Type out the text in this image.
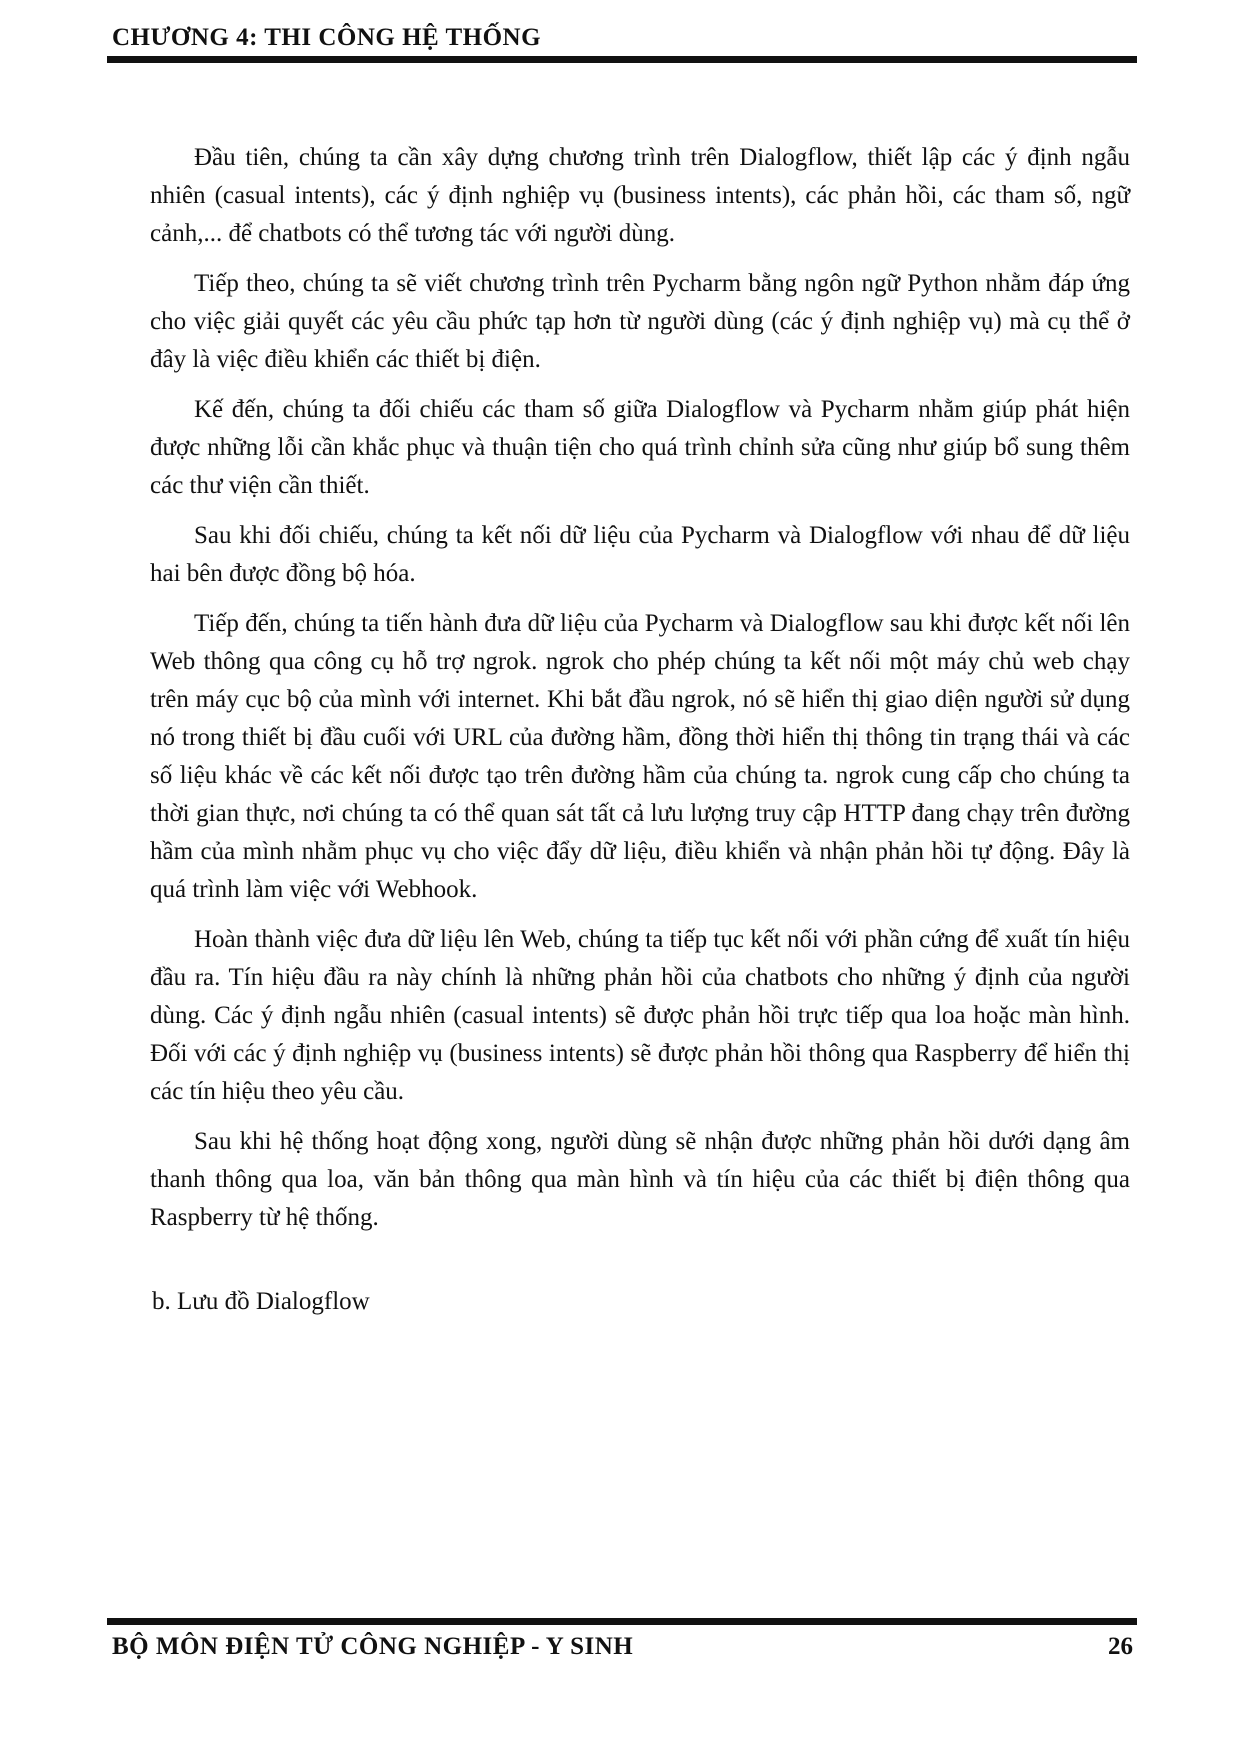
CHƯƠNG 4: THI CÔNG HỆ THỐNG

Đầu tiên, chúng ta cần xây dựng chương trình trên Dialogflow, thiết lập các ý định ngẫu nhiên (casual intents), các ý định nghiệp vụ (business intents), các phản hồi, các tham số, ngữ cảnh,... để chatbots có thể tương tác với người dùng.

Tiếp theo, chúng ta sẽ viết chương trình trên Pycharm bằng ngôn ngữ Python nhằm đáp ứng cho việc giải quyết các yêu cầu phức tạp hơn từ người dùng (các ý định nghiệp vụ) mà cụ thể ở đây là việc điều khiển các thiết bị điện.

Kế đến, chúng ta đối chiếu các tham số giữa Dialogflow và Pycharm nhằm giúp phát hiện được những lỗi cần khắc phục và thuận tiện cho quá trình chỉnh sửa cũng như giúp bổ sung thêm các thư viện cần thiết.

Sau khi đối chiếu, chúng ta kết nối dữ liệu của Pycharm và Dialogflow với nhau để dữ liệu hai bên được đồng bộ hóa.

Tiếp đến, chúng ta tiến hành đưa dữ liệu của Pycharm và Dialogflow sau khi được kết nối lên Web thông qua công cụ hỗ trợ ngrok. ngrok cho phép chúng ta kết nối một máy chủ web chạy trên máy cục bộ của mình với internet. Khi bắt đầu ngrok, nó sẽ hiển thị giao diện người sử dụng nó trong thiết bị đầu cuối với URL của đường hầm, đồng thời hiển thị thông tin trạng thái và các số liệu khác về các kết nối được tạo trên đường hầm của chúng ta. ngrok cung cấp cho chúng ta thời gian thực, nơi chúng ta có thể quan sát tất cả lưu lượng truy cập HTTP đang chạy trên đường hầm của mình nhằm phục vụ cho việc đẩy dữ liệu, điều khiển và nhận phản hồi tự động. Đây là quá trình làm việc với Webhook.

Hoàn thành việc đưa dữ liệu lên Web, chúng ta tiếp tục kết nối với phần cứng để xuất tín hiệu đầu ra. Tín hiệu đầu ra này chính là những phản hồi của chatbots cho những ý định của người dùng. Các ý định ngẫu nhiên (casual intents) sẽ được phản hồi trực tiếp qua loa hoặc màn hình. Đối với các ý định nghiệp vụ (business intents) sẽ được phản hồi thông qua Raspberry để hiển thị các tín hiệu theo yêu cầu.

Sau khi hệ thống hoạt động xong, người dùng sẽ nhận được những phản hồi dưới dạng âm thanh thông qua loa, văn bản thông qua màn hình và tín hiệu của các thiết bị điện thông qua Raspberry từ hệ thống.

b. Lưu đồ Dialogflow
BỘ MÔN ĐIỆN TỬ CÔNG NGHIỆP - Y SINH	26
